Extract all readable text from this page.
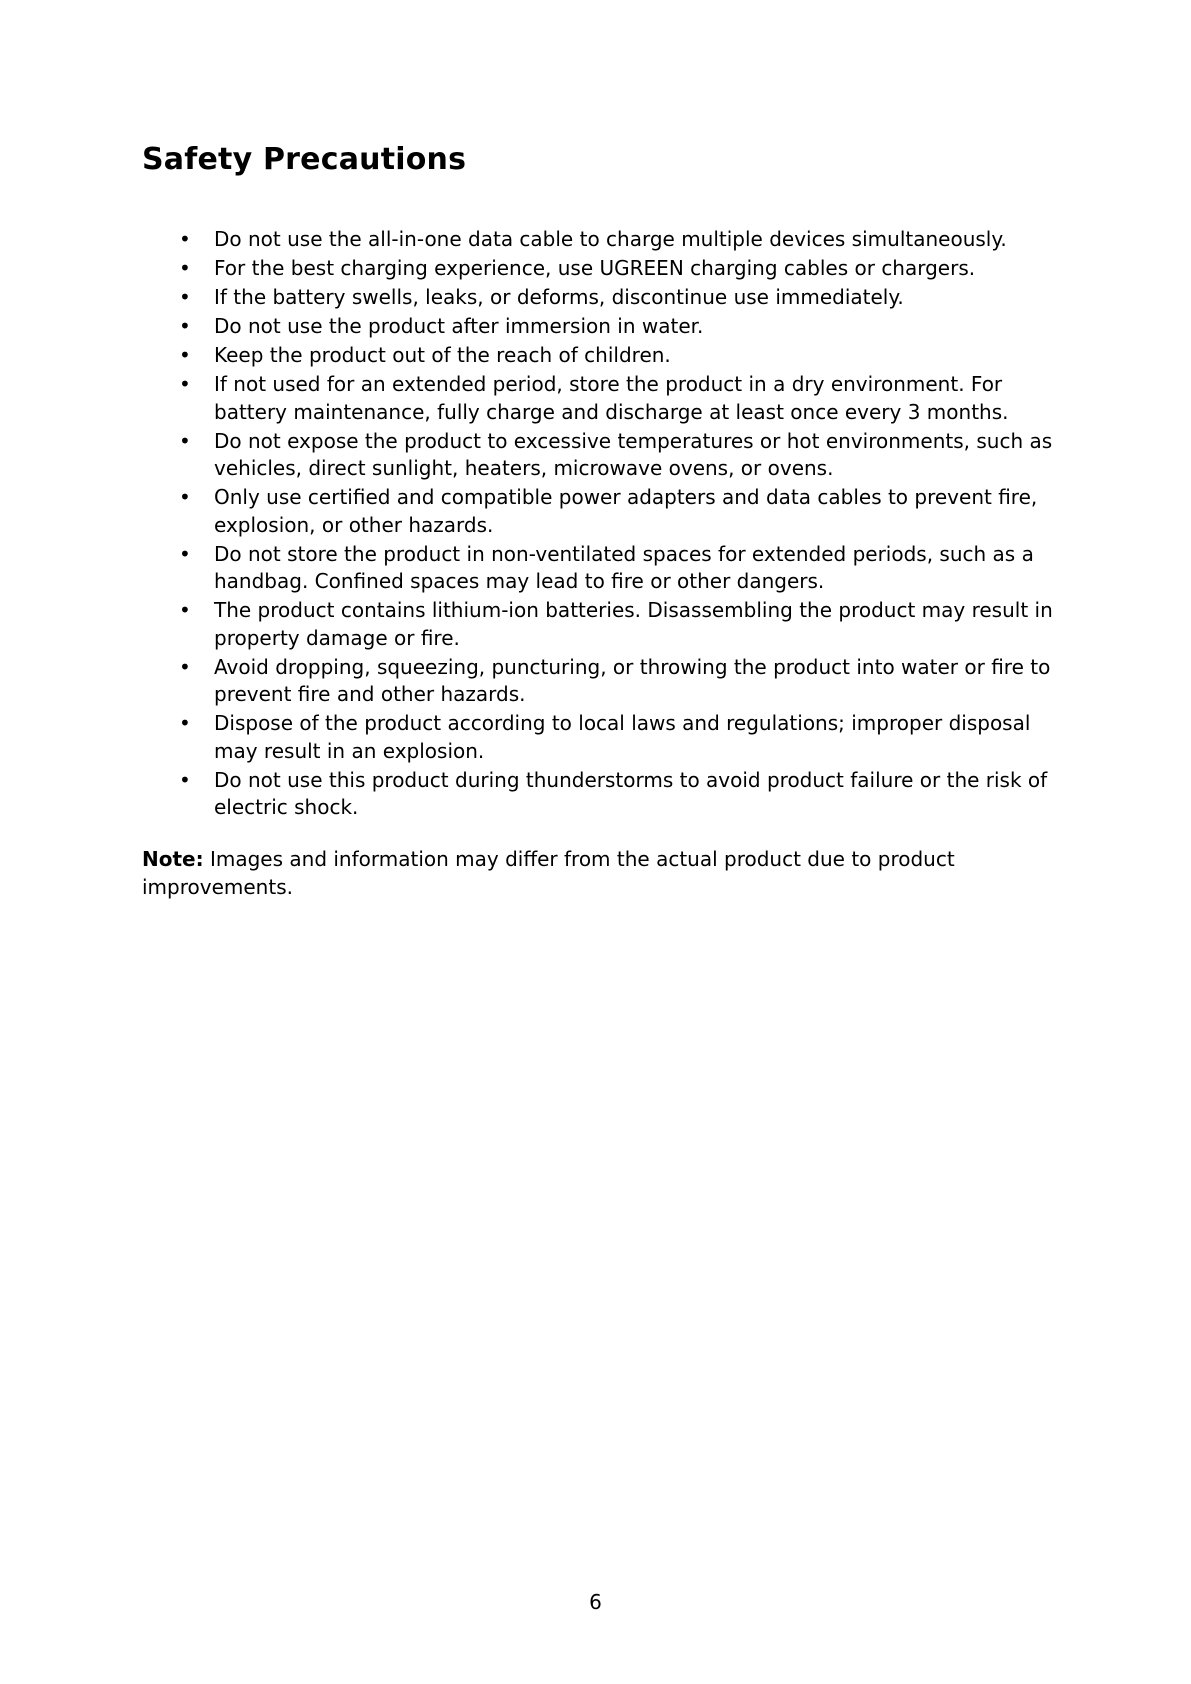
Safety Precautions
• Do not use the all-in-one data cable to charge multiple devices simultaneously.
• For the best charging experience, use UGREEN charging cables or chargers.
• If the battery swells, leaks, or deforms, discontinue use immediately.
• Do not use the product after immersion in water.
• Keep the product out of the reach of children.
• If not used for an extended period, store the product in a dry environment. For battery maintenance, fully charge and discharge at least once every 3 months.
• Do not expose the product to excessive temperatures or hot environments, such as vehicles, direct sunlight, heaters, microwave ovens, or ovens.
• Only use certified and compatible power adapters and data cables to prevent fire, explosion, or other hazards.
• Do not store the product in non-ventilated spaces for extended periods, such as a handbag. Confined spaces may lead to fire or other dangers.
• The product contains lithium-ion batteries. Disassembling the product may result in property damage or fire.
• Avoid dropping, squeezing, puncturing, or throwing the product into water or fire to prevent fire and other hazards.
• Dispose of the product according to local laws and regulations; improper disposal may result in an explosion.
• Do not use this product during thunderstorms to avoid product failure or the risk of electric shock.

Note: Images and information may differ from the actual product due to product improvements.

6
